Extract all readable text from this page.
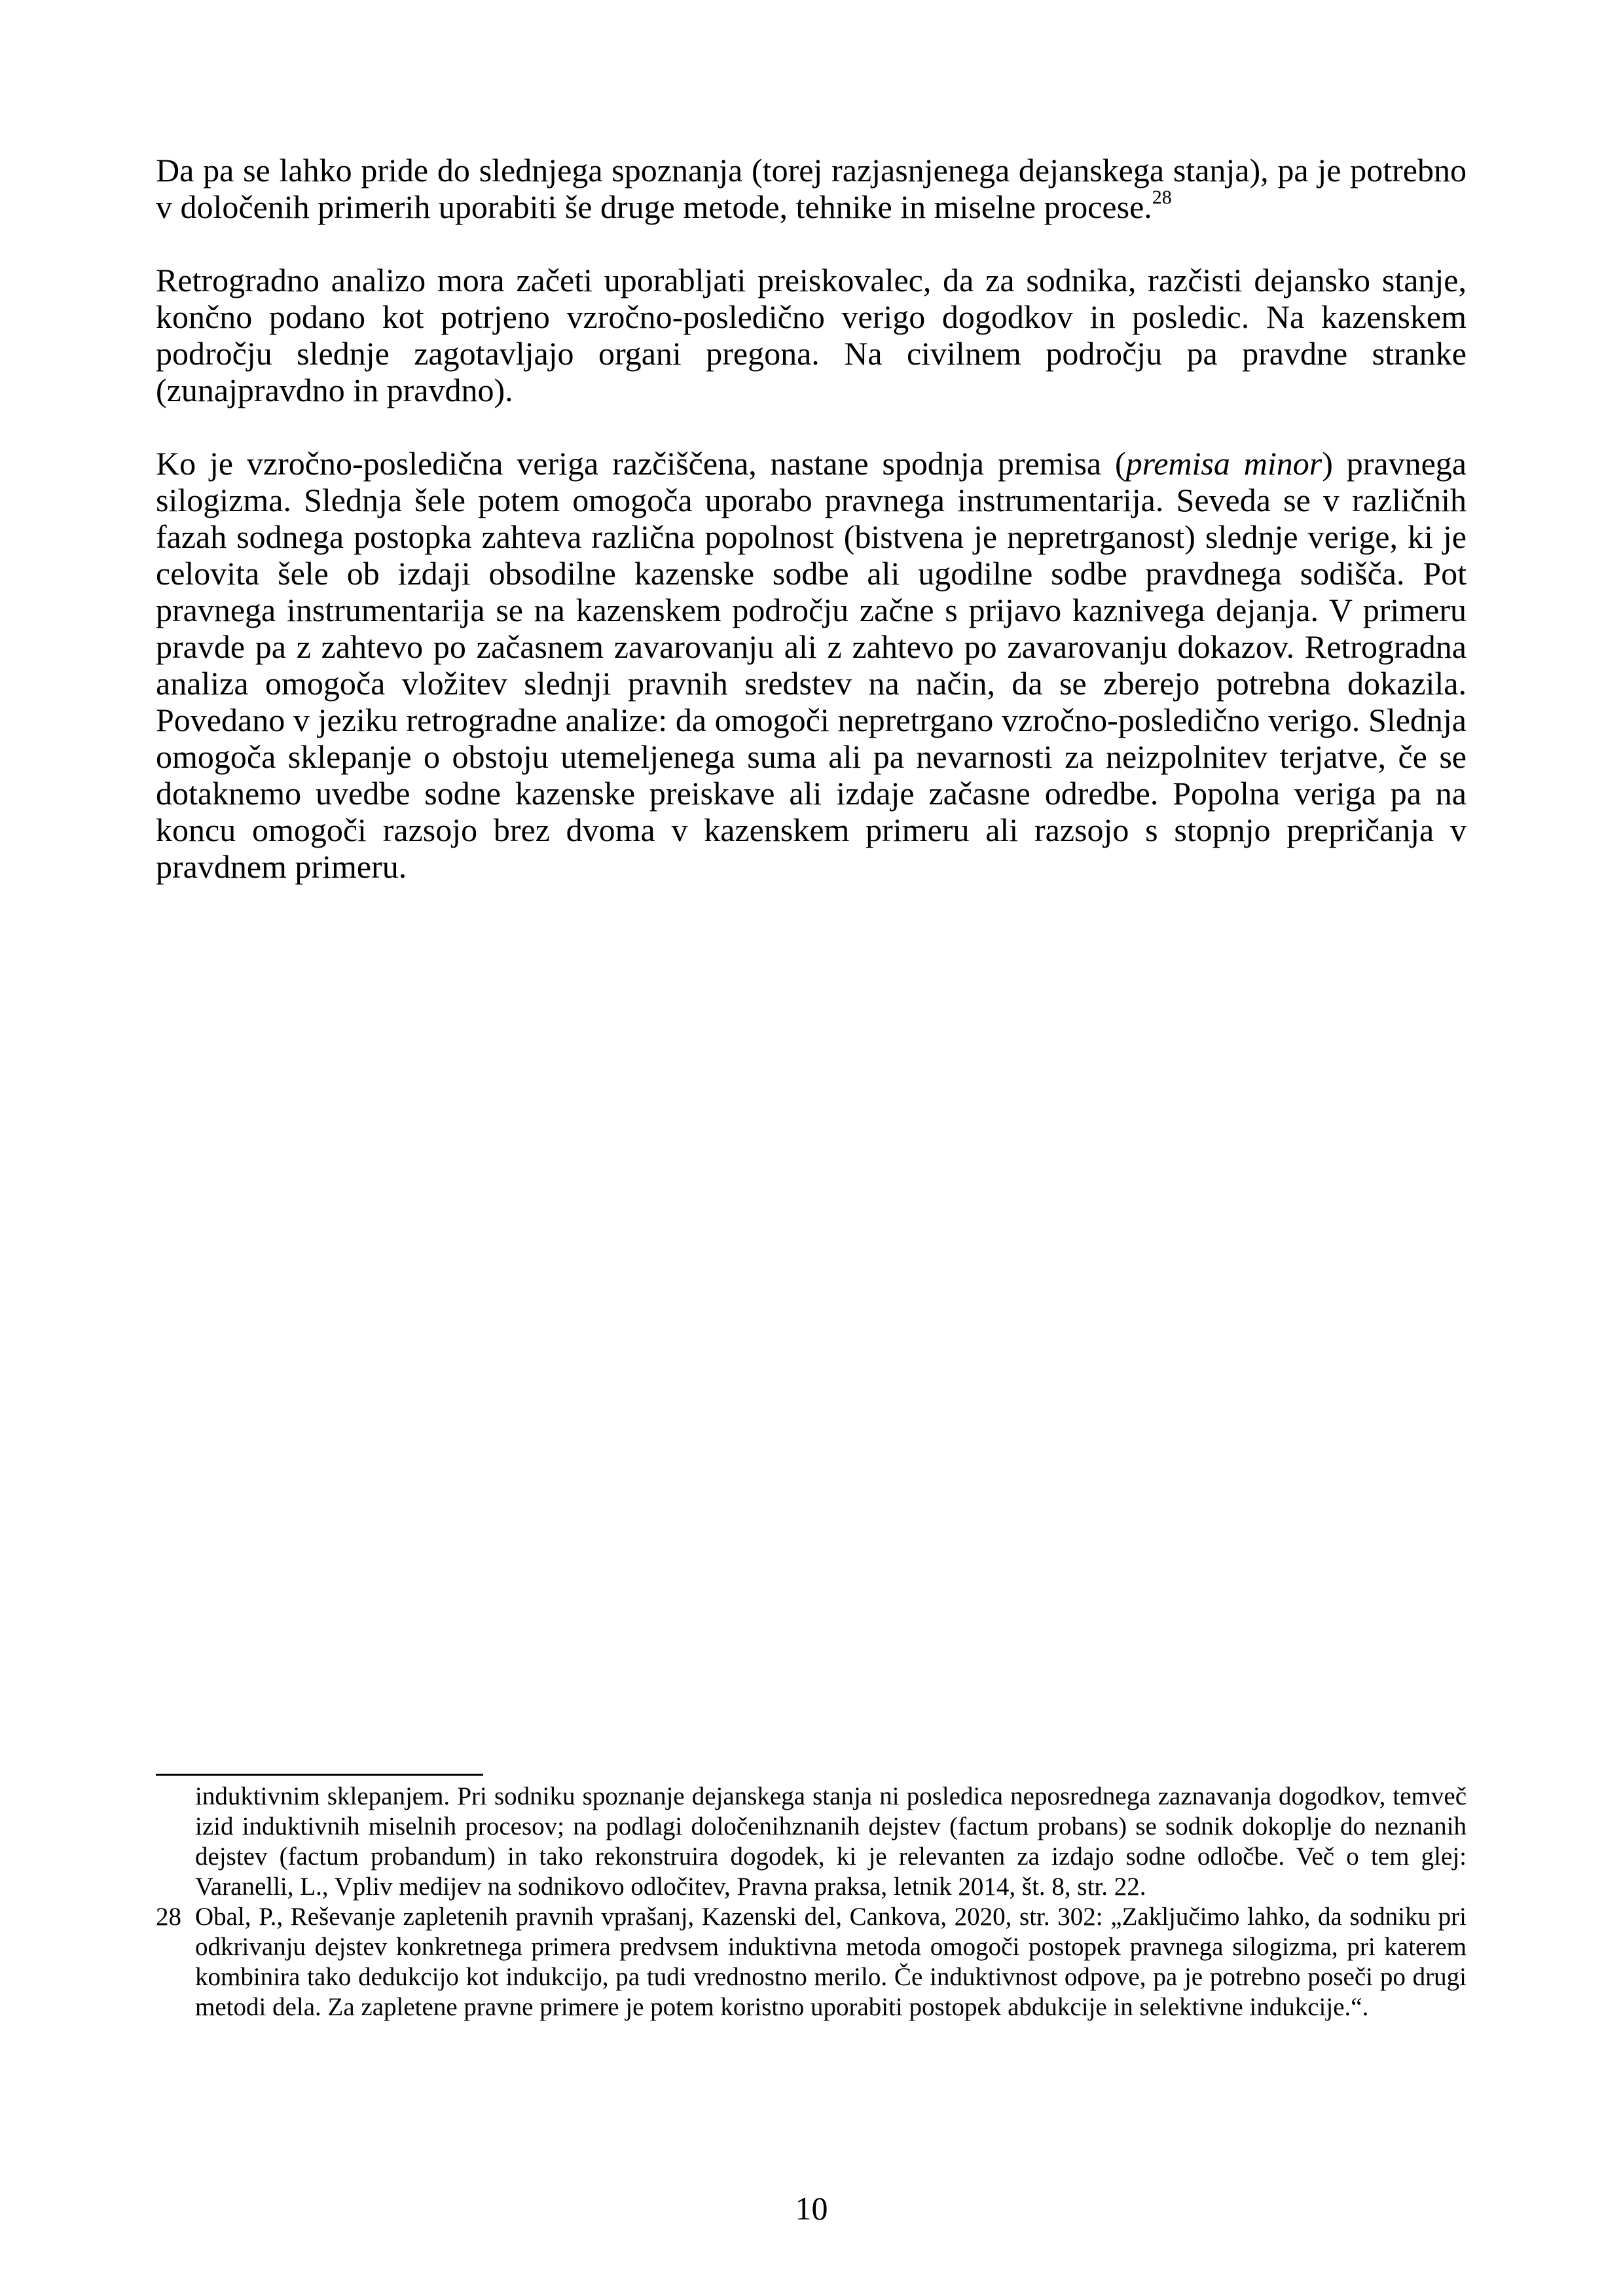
Da pa se lahko pride do slednjega spoznanja (torej razjasnjenega dejanskega stanja), pa je potrebno v določenih primerih uporabiti še druge metode, tehnike in miselne procese.$^{28}$

Retrogradno analizo mora začeti uporabljati preiskovalec, da za sodnika, razčisti dejansko stanje, končno podano kot potrjeno vzročno-posledično verigo dogodkov in posledic. Na kazenskem področju slednje zagotavljajo organi pregona. Na civilnem področju pa pravdne stranke (zunajpravdno in pravdno).

Ko je vzročno-posledična veriga razčiščena, nastane spodnja premisa (premisa minor) pravnega silogizma. Slednja šele potem omogoča uporabo pravnega instrumentarija. Seveda se v različnih fazah sodnega postopka zahteva različna popolnost (bistvena je nepretrganost) slednje verige, ki je celovita šele ob izdaji obsodilne kazenske sodbe ali ugodilne sodbe pravdnega sodišča. Pot pravnega instrumentarija se na kazenskem področju začne s prijavo kaznivega dejanja. V primeru pravde pa z zahtevo po začasnem zavarovanju ali z zahtevo po zavarovanju dokazov. Retrogradna analiza omogoča vložitev slednji pravnih sredstev na način, da se zberejo potrebna dokazila. Povedano v jeziku retrogradne analize: da omogoči nepretrgano vzročno-posledično verigo. Slednja omogoča sklepanje o obstoju utemeljenega suma ali pa nevarnosti za neizpolnitev terjatve, če se dotaknemo uvedbe sodne kazenske preiskave ali izdaje začasne odredbe. Popolna veriga pa na koncu omogoči razsojo brez dvoma v kazenskem primeru ali razsojo s stopnjo prepričanja v pravdnem primeru.

induktivnim sklepanjem. Pri sodniku spoznanje dejanskega stanja ni posledica neposrednega zaznavanja dogodkov, temveč izid induktivnih miselnih procesov; na podlagi določenihznanih dejstev (factum probans) se sodnik dokoplje do neznanih dejstev (factum probandum) in tako rekonstruira dogodek, ki je relevanten za izdajo sodne odločbe. Več o tem glej: Varanelli, L., Vpliv medijev na sodnikovo odločitev, Pravna praksa, letnik 2014, št. 8, str. 22.

28 Obal, P., Reševanje zapletenih pravnih vprašanj, Kazenski del, Cankova, 2020, str. 302: „Zaključimo lahko, da sodniku pri odkrivanju dejstev konkretnega primera predvsem induktivna metoda omogoči postopek pravnega silogizma, pri katerem kombinira tako dedukcijo kot indukcijo, pa tudi vrednostno merilo. Če induktivnost odpove, pa je potrebno poseči po drugi metodi dela. Za zapletene pravne primere je potem koristno uporabiti postopek abdukcije in selektivne indukcije.“.

10
